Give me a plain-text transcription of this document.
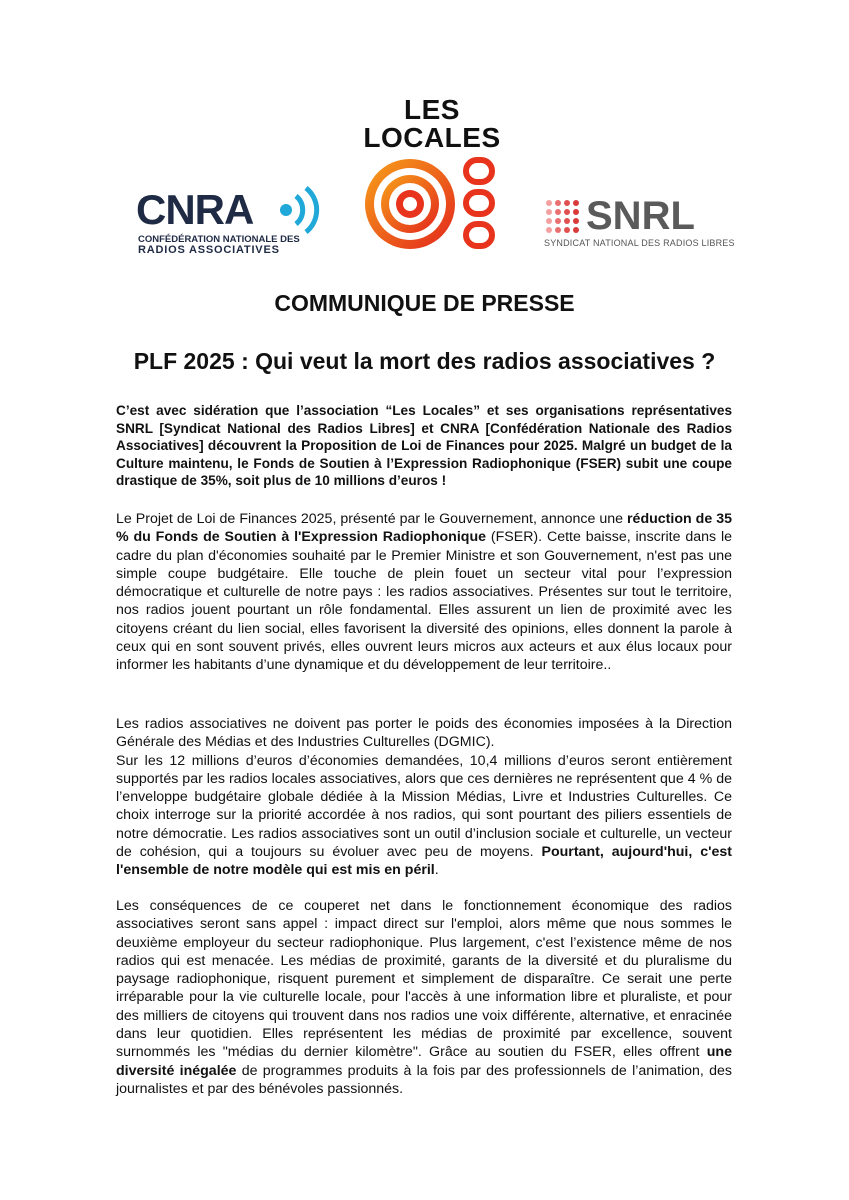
CNRA
CONFÉDÉRATION NATIONALE DES
RADIOS ASSOCIATIVES
LES
LOCALES
SNRL
SYNDICAT NATIONAL DES RADIOS LIBRES
COMMUNIQUE DE PRESSE
PLF 2025 : Qui veut la mort des radios associatives ?

C’est avec sidération que l’association “Les Locales” et ses organisations représentatives SNRL [Syndicat National des Radios Libres] et CNRA [Confédération Nationale des Radios Associatives] découvrent la Proposition de Loi de Finances pour 2025. Malgré un budget de la Culture maintenu, le Fonds de Soutien à l’Expression Radiophonique (FSER) subit une coupe drastique de 35%, soit plus de 10 millions d’euros !

Le Projet de Loi de Finances 2025, présenté par le Gouvernement, annonce une réduction de 35 % du Fonds de Soutien à l'Expression Radiophonique (FSER). Cette baisse, inscrite dans le cadre du plan d'économies souhaité par le Premier Ministre et son Gouvernement, n'est pas une simple coupe budgétaire. Elle touche de plein fouet un secteur vital pour l’expression démocratique et culturelle de notre pays : les radios associatives. Présentes sur tout le territoire, nos radios jouent pourtant un rôle fondamental. Elles assurent un lien de proximité avec les citoyens créant du lien social, elles favorisent la diversité des opinions, elles donnent la parole à ceux qui en sont souvent privés, elles ouvrent leurs micros aux acteurs et aux élus locaux pour informer les habitants d’une dynamique et du développement de leur territoire..

Les radios associatives ne doivent pas porter le poids des économies imposées à la Direction Générale des Médias et des Industries Culturelles (DGMIC).
Sur les 12 millions d’euros d’économies demandées, 10,4 millions d’euros seront entièrement supportés par les radios locales associatives, alors que ces dernières ne représentent que 4 % de l’enveloppe budgétaire globale dédiée à la Mission Médias, Livre et Industries Culturelles. Ce choix interroge sur la priorité accordée à nos radios, qui sont pourtant des piliers essentiels de notre démocratie. Les radios associatives sont un outil d’inclusion sociale et culturelle, un vecteur de cohésion, qui a toujours su évoluer avec peu de moyens. Pourtant, aujourd'hui, c'est l'ensemble de notre modèle qui est mis en péril.

Les conséquences de ce couperet net dans le fonctionnement économique des radios associatives seront sans appel : impact direct sur l'emploi, alors même que nous sommes le deuxième employeur du secteur radiophonique. Plus largement, c'est l’existence même de nos radios qui est menacée. Les médias de proximité, garants de la diversité et du pluralisme du paysage radiophonique, risquent purement et simplement de disparaître. Ce serait une perte irréparable pour la vie culturelle locale, pour l'accès à une information libre et pluraliste, et pour des milliers de citoyens qui trouvent dans nos radios une voix différente, alternative, et enracinée dans leur quotidien. Elles représentent les médias de proximité par excellence, souvent surnommés les "médias du dernier kilomètre". Grâce au soutien du FSER, elles offrent une diversité inégalée de programmes produits à la fois par des professionnels de l’animation, des journalistes et par des bénévoles passionnés.
